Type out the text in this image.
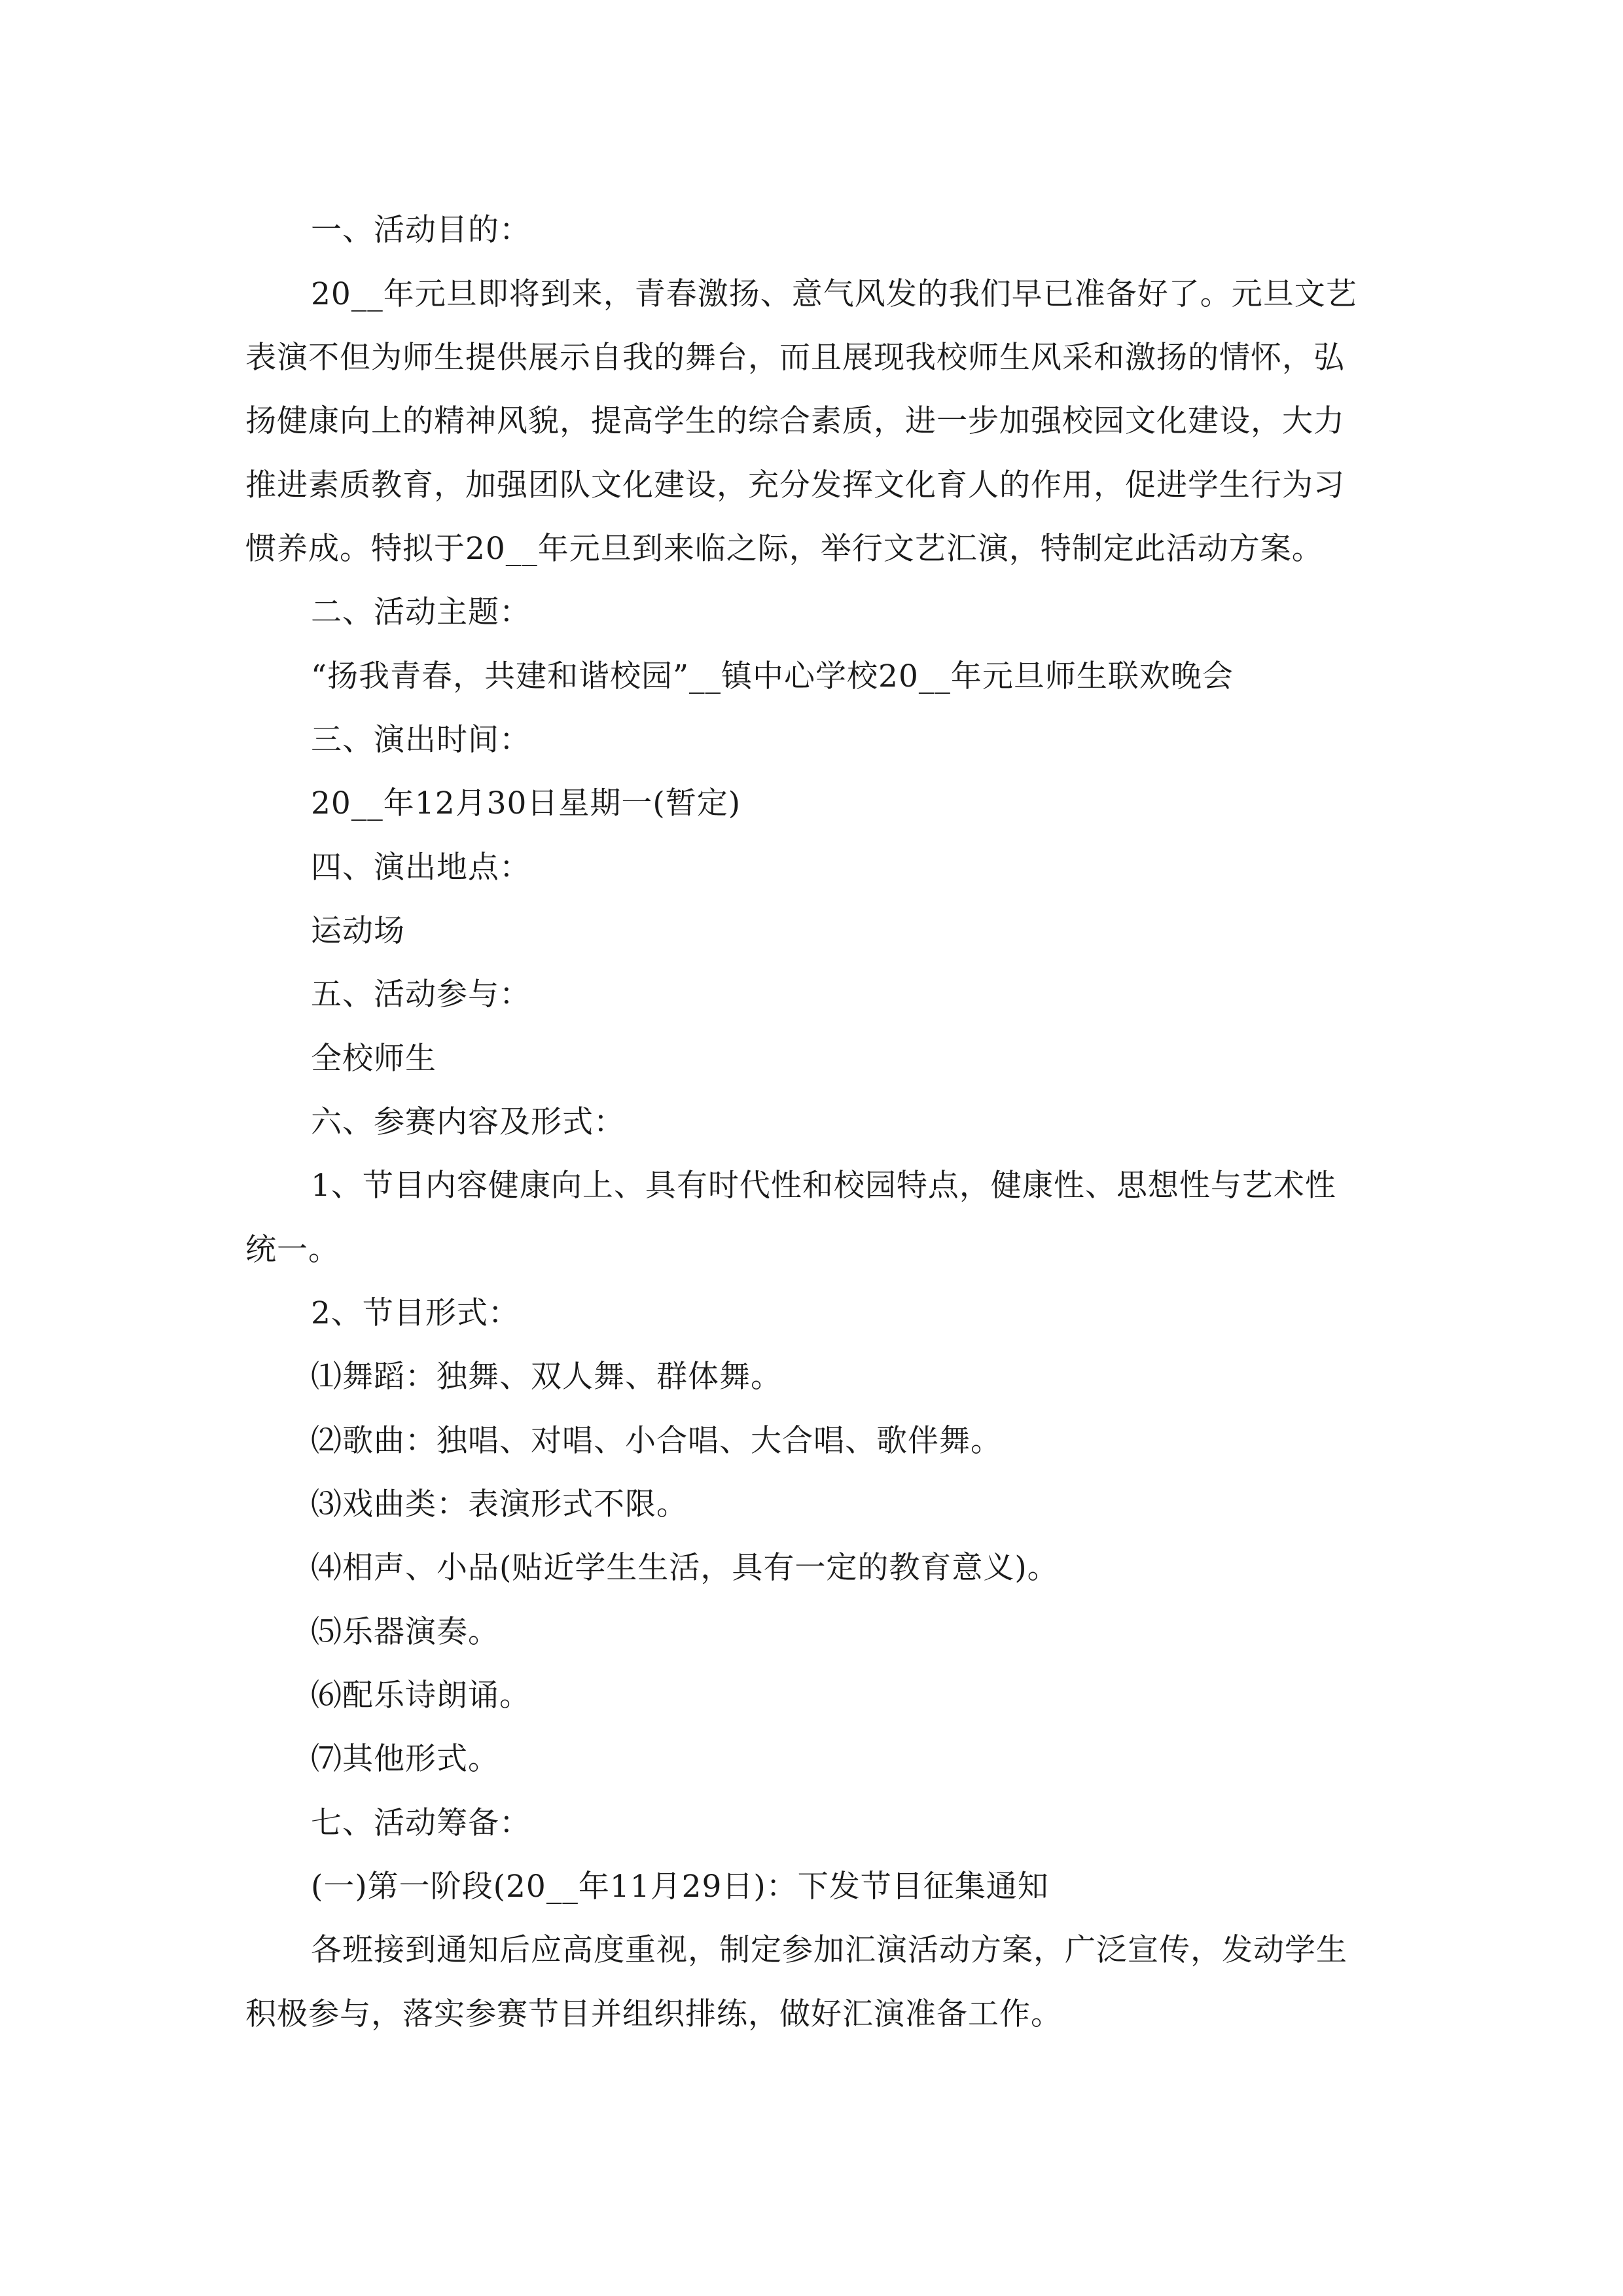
一、活动目的：
20__年元旦即将到来，青春激扬、意气风发的我们早已准备好了。元旦文艺
表演不但为师生提供展示自我的舞台，而且展现我校师生风采和激扬的情怀，弘
扬健康向上的精神风貌，提高学生的综合素质，进一步加强校园文化建设，大力
推进素质教育，加强团队文化建设，充分发挥文化育人的作用，促进学生行为习
惯养成。特拟于20__年元旦到来临之际，举行文艺汇演，特制定此活动方案。
二、活动主题：
“扬我青春，共建和谐校园”__镇中心学校20__年元旦师生联欢晚会
三、演出时间：
20__年12月30日星期一(暂定)
四、演出地点：
运动场
五、活动参与：
全校师生
六、参赛内容及形式：
1、节目内容健康向上、具有时代性和校园特点，健康性、思想性与艺术性
统一。
2、节目形式：
⑴舞蹈：独舞、双人舞、群体舞。
⑵歌曲：独唱、对唱、小合唱、大合唱、歌伴舞。
⑶戏曲类：表演形式不限。
⑷相声、小品(贴近学生生活，具有一定的教育意义)。
⑸乐器演奏。
⑹配乐诗朗诵。
⑺其他形式。
七、活动筹备：
(一)第一阶段(20__年11月29日)：下发节目征集通知
各班接到通知后应高度重视，制定参加汇演活动方案，广泛宣传，发动学生
积极参与，落实参赛节目并组织排练，做好汇演准备工作。
